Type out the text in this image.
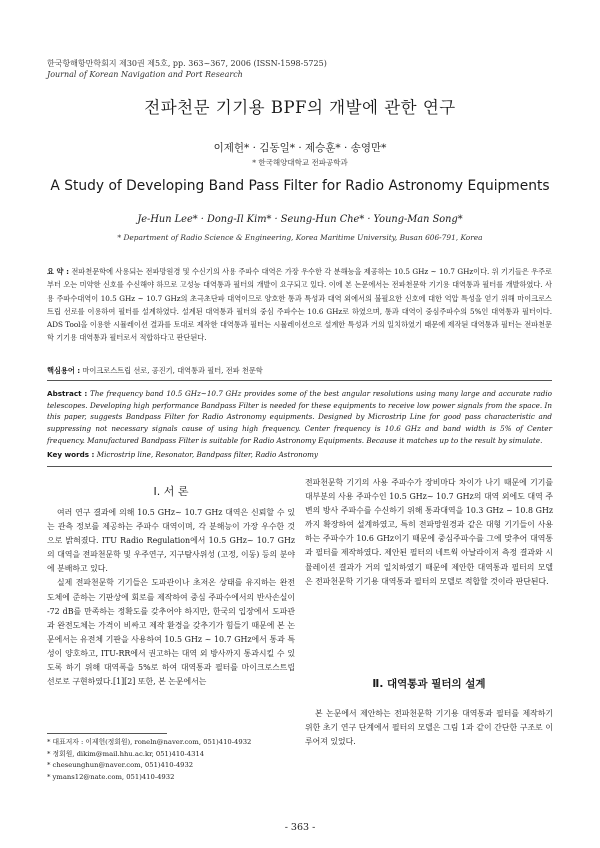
한국항해항만학회지 제30권 제5호, pp. 363~367, 2006 (ISSN-1598-5725)
Journal of Korean Navigation and Port Research
전파천문 기기용 BPF의 개발에 관한 연구
이제헌* · 김동일* · 제승훈* · 송영만*
* 한국해양대학교 전파공학과
A Study of Developing Band Pass Filter for Radio Astronomy Equipments
Je-Hun Lee* · Dong-Il Kim* · Seung-Hun Che* · Young-Man Song*
* Department of Radio Science & Engineering, Korea Maritime University, Busan 606-791, Korea
요 약 : 전파천문학에 사용되는 전파망원경 및 수신기의 사용 주파수 대역은 가장 우수한 각 분해능을 제공하는 10.5 GHz ~ 10.7 GHz이다. 위 기기들은 우주로부터 오는 미약한 신호를 수신해야 하므로 고성능 대역통과 필터의 개발이 요구되고 있다. 이에 본 논문에서는 전파천문학 기기용 대역통과 필터를 개발하였다. 사용 주파수대역이 10.5 GHz ~ 10.7 GHz의 초극초단파 대역이므로 양호한 통과 특성과 대역 외에서의 불필요한 신호에 대한 억압 특성을 얻기 위해 마이크로스트립 선로를 이용하여 필터를 설계하였다. 설계된 대역통과 필터의 중심 주파수는 10.6 GHz로 하였으며, 통과 대역이 중심주파수의 5%인 대역통과 필터이다. ADS Tool을 이용한 시뮬레이션 결과를 토대로 제작한 대역통과 필터는 시뮬레이션으로 설계한 특성과 거의 일치하였기 때문에 제작된 대역통과 필터는 전파천문학 기기용 대역통과 필터로서 적합하다고 판단된다.
핵심용어 : 마이크로스트립 선로, 공진기, 대역통과 필터, 전파 천문학
Abstract : The frequency band 10.5 GHz~10.7 GHz provides some of the best angular resolutions using many large and accurate radio telescopes. Developing high performance Bandpass Filter is needed for these equipments to receive low power signals from the space. In this paper, suggests Bandpass Filter for Radio Astronomy equipments. Designed by Microstrip Line for good pass characteristic and suppressing not necessary signals cause of using high frequency. Center frequency is 10.6 GHz and band width is 5% of Center frequency. Manufactured Bandpass Filter is suitable for Radio Astronomy Equipments. Because it matches up to the result by simulate.
Key words : Microstrip line, Resonator, Bandpass filter, Radio Astronomy
Ⅰ. 서 론

여러 연구 결과에 의해 10.5 GHz~ 10.7 GHz 대역은 신뢰할 수 있는 관측 정보를 제공하는 주파수 대역이며, 각 분해능이 가장 우수한 것으로 밝혀졌다. ITU Radio Regulation에서 10.5 GHz~ 10.7 GHz의 대역을 전파천문학 및 우주연구, 지구탐사위성 (고정, 이동) 등의 분야에 분배하고 있다.

실제 전파천문학 기기들은 도파관이나 초저온 상태를 유지하는 완전도체에 준하는 기판상에 회로를 제작하여 중심 주파수에서의 반사손실이 -72 dB를 만족하는 정확도를 갖추어야 하지만, 한국의 입장에서 도파관과 완전도체는 가격이 비싸고 제작 환경을 갖추기가 힘들기 때문에 본 논문에서는 유전체 기판을 사용하여 10.5 GHz ~ 10.7 GHz에서 통과 특성이 양호하고, ITU-RR에서 권고하는 대역 외 방사까지 통과시킬 수 있도록 하기 위해 대역폭을 5%로 하여 대역통과 필터를 마이크로스트립 선로로 구현하였다.[1][2] 또한, 본 논문에서는

전파천문학 기기의 사용 주파수가 장비마다 차이가 나기 때문에 기기를 대부분의 사용 주파수인 10.5 GHz~ 10.7 GHz의 대역 외에도 대역 주변의 방사 주파수를 수신하기 위해 통과대역을 10.3 GHz ~ 10.8 GHz 까지 확장하여 설계하였고, 특히 전파망원경과 같은 대형 기기들이 사용하는 주파수가 10.6 GHz이기 때문에 중심주파수를 그에 맞추어 대역통과 필터를 제작하였다. 제안된 필터의 네트웍 아날라이저 측정 결과와 시뮬레이션 결과가 거의 일치하였기 때문에 제안한 대역통과 필터의 모델은 전파천문학 기기용 대역통과 필터의 모델로 적합할 것이라 판단된다.

Ⅱ. 대역통과 필터의 설계

본 논문에서 제안하는 전파천문학 기기용 대역통과 필터를 제작하기 위한 초기 연구 단계에서 필터의 모델은 그림 1과 같이 간단한 구조로 이루어져 있었다.

* 대표저자 : 이제헌(정회원), roneln@naver.com, 051)410-4932
* 정회원, dikim@mail.hhu.ac.kr, 051)410-4314
* cheseunghun@naver.com, 051)410-4932
* ymans12@nate.com, 051)410-4932
- 363 -
